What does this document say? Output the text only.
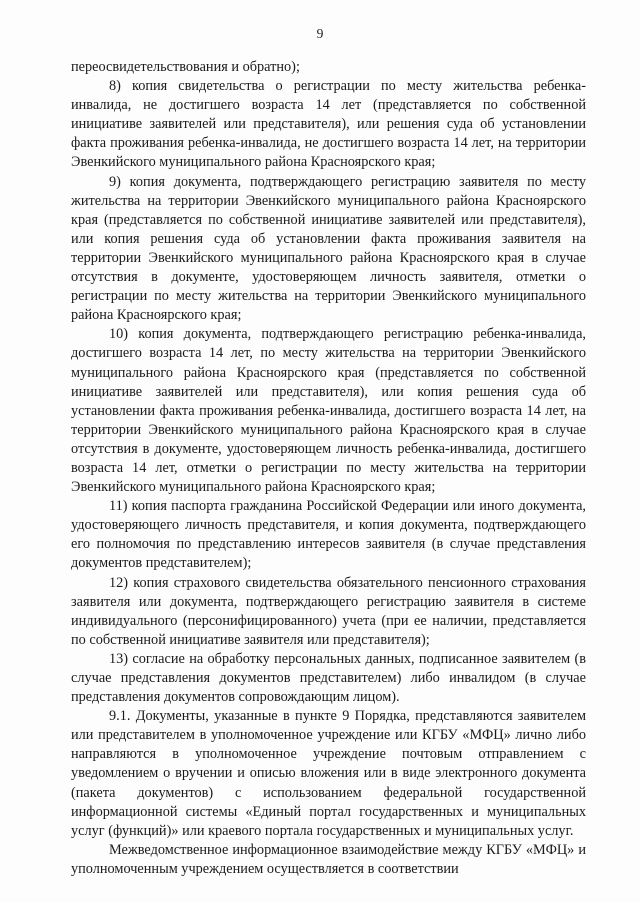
9

переосвидетельствования и обратно);

8) копия свидетельства о регистрации по месту жительства ребенка-инвалида, не достигшего возраста 14 лет (представляется по собственной инициативе заявителей или представителя), или решения суда об установлении факта проживания ребенка-инвалида, не достигшего возраста 14 лет, на территории Эвенкийского муниципального района Красноярского края;

9) копия документа, подтверждающего регистрацию заявителя по месту жительства на территории Эвенкийского муниципального района Красноярского края (представляется по собственной инициативе заявителей или представителя), или копия решения суда об установлении факта проживания заявителя на территории Эвенкийского муниципального района Красноярского края в случае отсутствия в документе, удостоверяющем личность заявителя, отметки о регистрации по месту жительства на территории Эвенкийского муниципального района Красноярского края;

10) копия документа, подтверждающего регистрацию ребенка-инвалида, достигшего возраста 14 лет, по месту жительства на территории Эвенкийского муниципального района Красноярского края (представляется по собственной инициативе заявителей или представителя), или копия решения суда об установлении факта проживания ребенка-инвалида, достигшего возраста 14 лет, на территории Эвенкийского муниципального района Красноярского края в случае отсутствия в документе, удостоверяющем личность ребенка-инвалида, достигшего возраста 14 лет, отметки о регистрации по месту жительства на территории Эвенкийского муниципального района Красноярского края;

11) копия паспорта гражданина Российской Федерации или иного документа, удостоверяющего личность представителя, и копия документа, подтверждающего его полномочия по представлению интересов заявителя (в случае представления документов представителем);

12) копия страхового свидетельства обязательного пенсионного страхования заявителя или документа, подтверждающего регистрацию заявителя в системе индивидуального (персонифицированного) учета (при ее наличии, представляется по собственной инициативе заявителя или представителя);

13) согласие на обработку персональных данных, подписанное заявителем (в случае представления документов представителем) либо инвалидом (в случае представления документов сопровождающим лицом).

9.1. Документы, указанные в пункте 9 Порядка, представляются заявителем или представителем в уполномоченное учреждение или КГБУ «МФЦ» лично либо направляются в уполномоченное учреждение почтовым отправлением с уведомлением о вручении и описью вложения или в виде электронного документа (пакета документов) с использованием федеральной государственной информационной системы «Единый портал государственных и муниципальных услуг (функций)» или краевого портала государственных и муниципальных услуг.

Межведомственное информационное взаимодействие между КГБУ «МФЦ» и уполномоченным учреждением осуществляется в соответствии
